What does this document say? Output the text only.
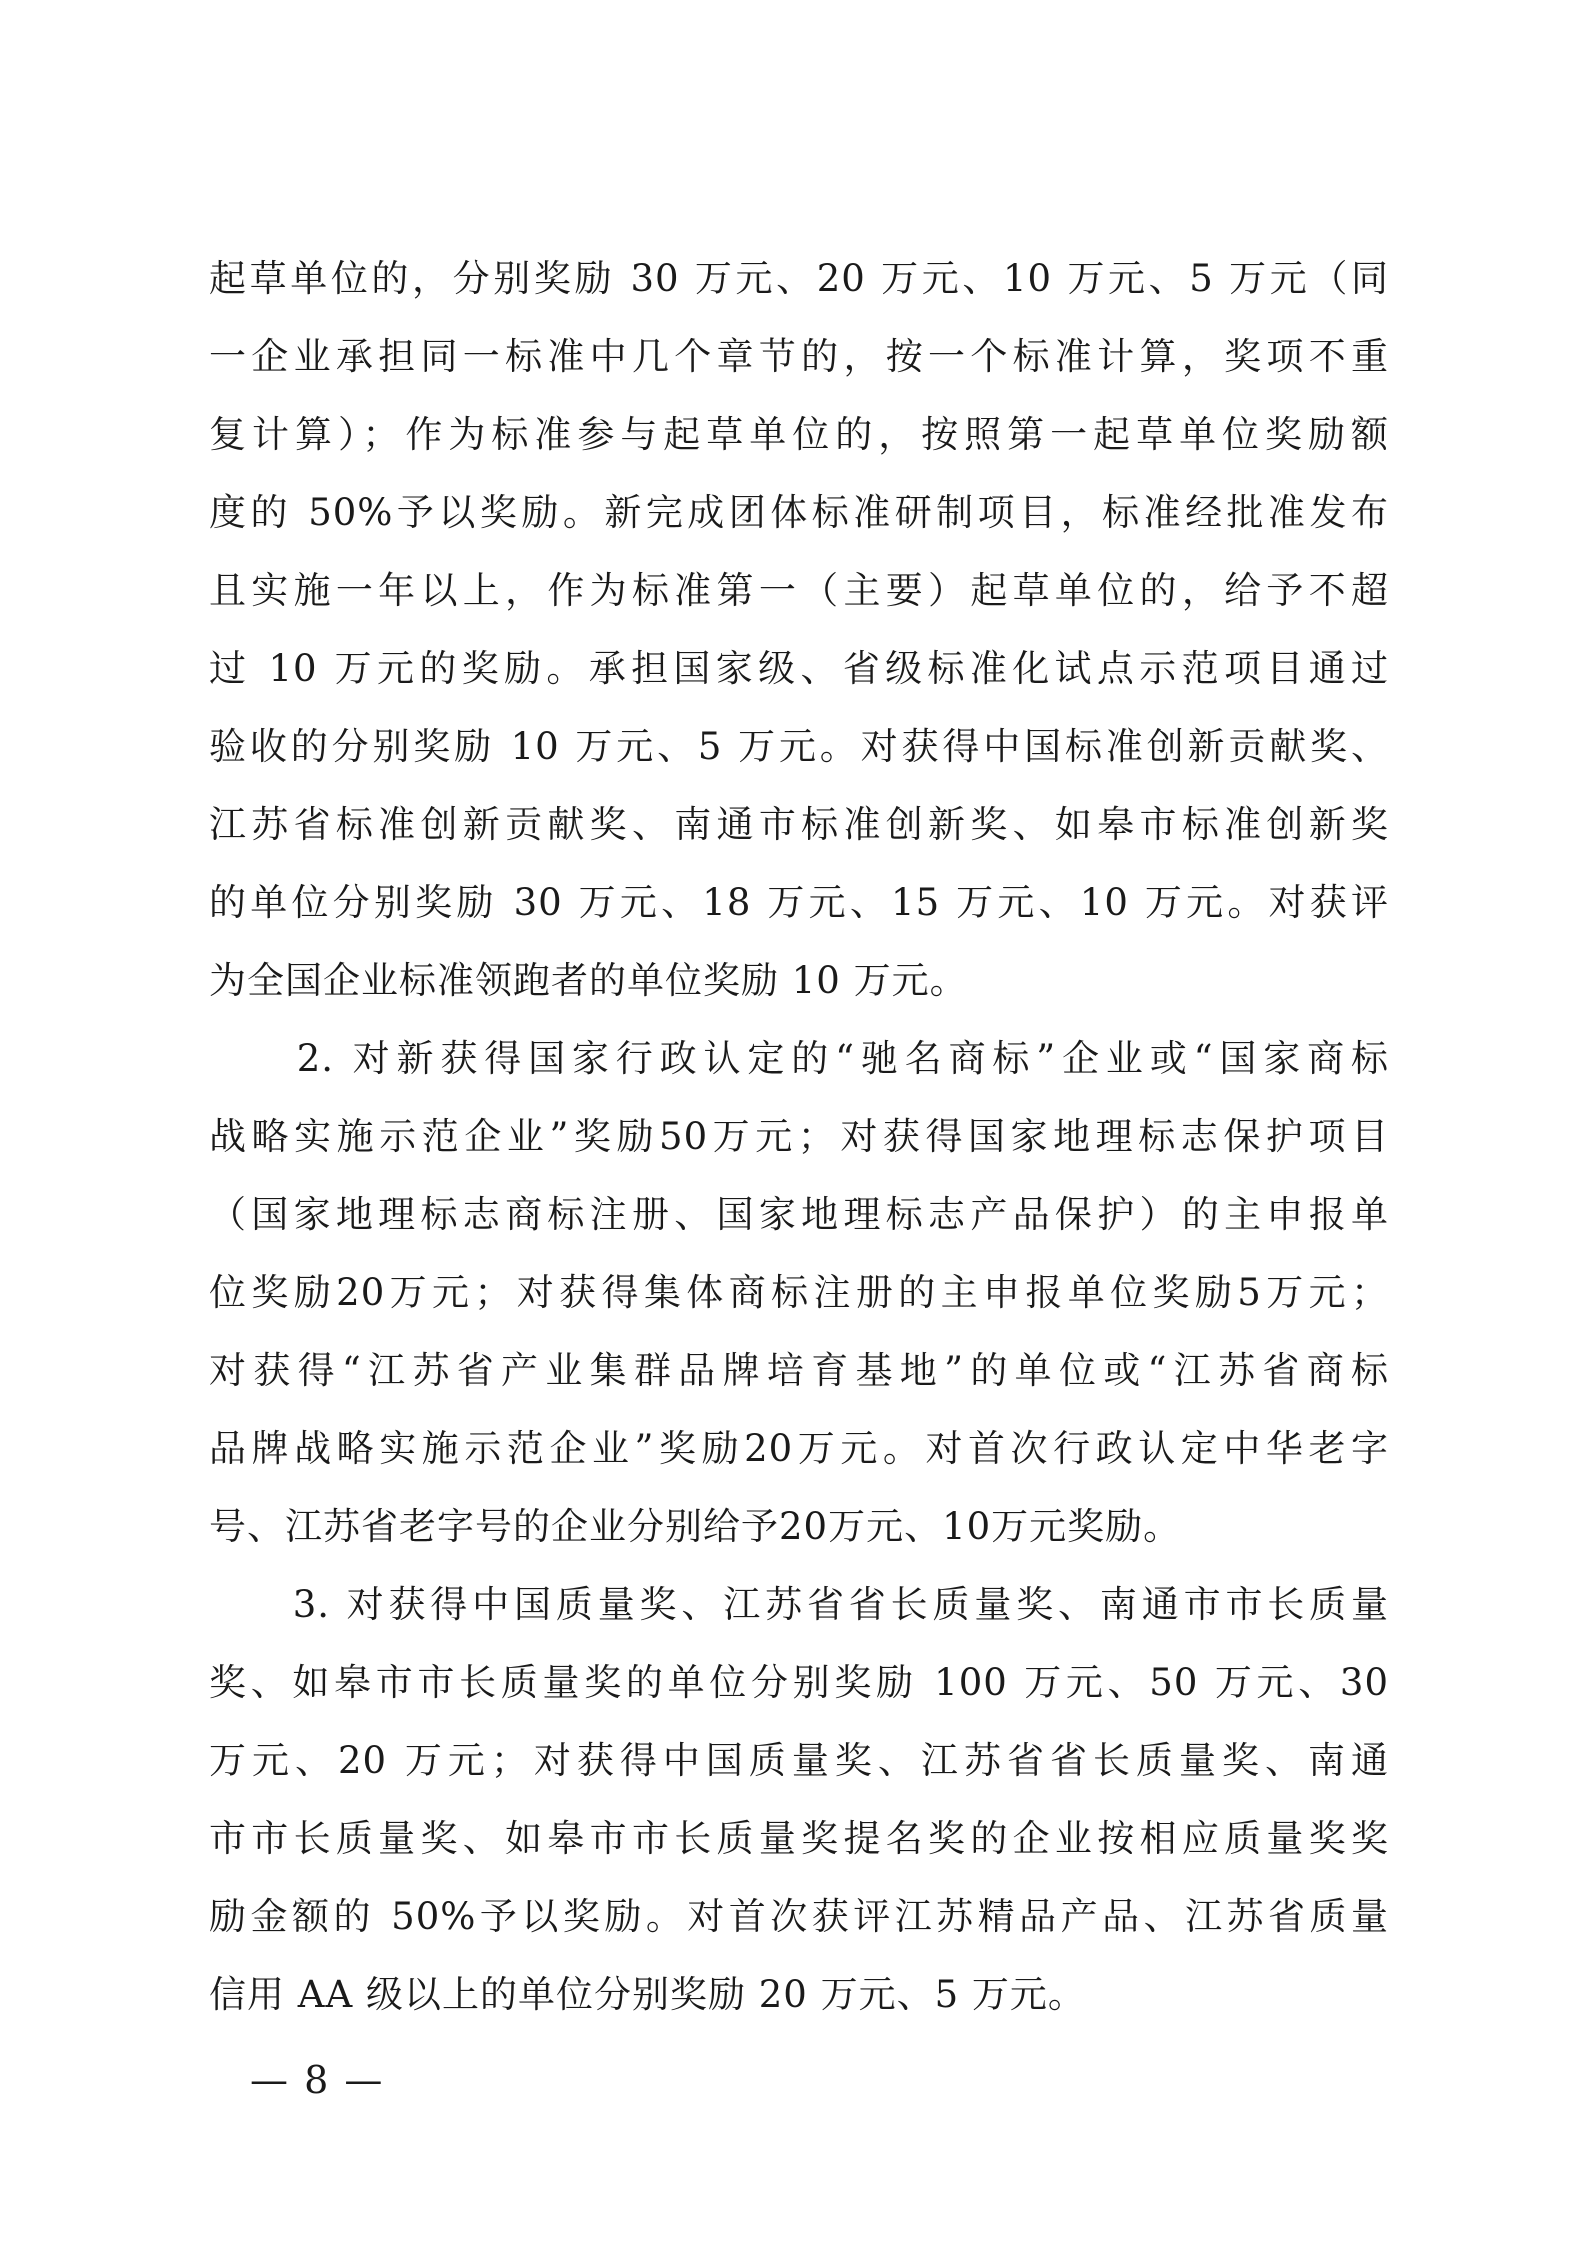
起草单位的，分别奖励 30 万元、20 万元、10 万元、5 万元（同
一企业承担同一标准中几个章节的，按一个标准计算，奖项不重
复计算）；作为标准参与起草单位的，按照第一起草单位奖励额
度的 50%予以奖励。新完成团体标准研制项目，标准经批准发布
且实施一年以上，作为标准第一（主要）起草单位的，给予不超
过 10 万元的奖励。承担国家级、省级标准化试点示范项目通过
验收的分别奖励 10 万元、5 万元。对获得中国标准创新贡献奖、
江苏省标准创新贡献奖、南通市标准创新奖、如皋市标准创新奖
的单位分别奖励 30 万元、18 万元、15 万元、10 万元。对获评
为全国企业标准领跑者的单位奖励 10 万元。
　　2. 对新获得国家行政认定的“驰名商标”企业或“国家商标
战略实施示范企业”奖励50万元；对获得国家地理标志保护项目
（国家地理标志商标注册、国家地理标志产品保护）的主申报单
位奖励20万元；对获得集体商标注册的主申报单位奖励5万元；
对获得“江苏省产业集群品牌培育基地”的单位或“江苏省商标
品牌战略实施示范企业”奖励20万元。对首次行政认定中华老字
号、江苏省老字号的企业分别给予20万元、10万元奖励。
　　3. 对获得中国质量奖、江苏省省长质量奖、南通市市长质量
奖、如皋市市长质量奖的单位分别奖励 100 万元、50 万元、30
万元、20 万元；对获得中国质量奖、江苏省省长质量奖、南通
市市长质量奖、如皋市市长质量奖提名奖的企业按相应质量奖奖
励金额的 50%予以奖励。对首次获评江苏精品产品、江苏省质量
信用 AA 级以上的单位分别奖励 20 万元、5 万元。
— 8 —
